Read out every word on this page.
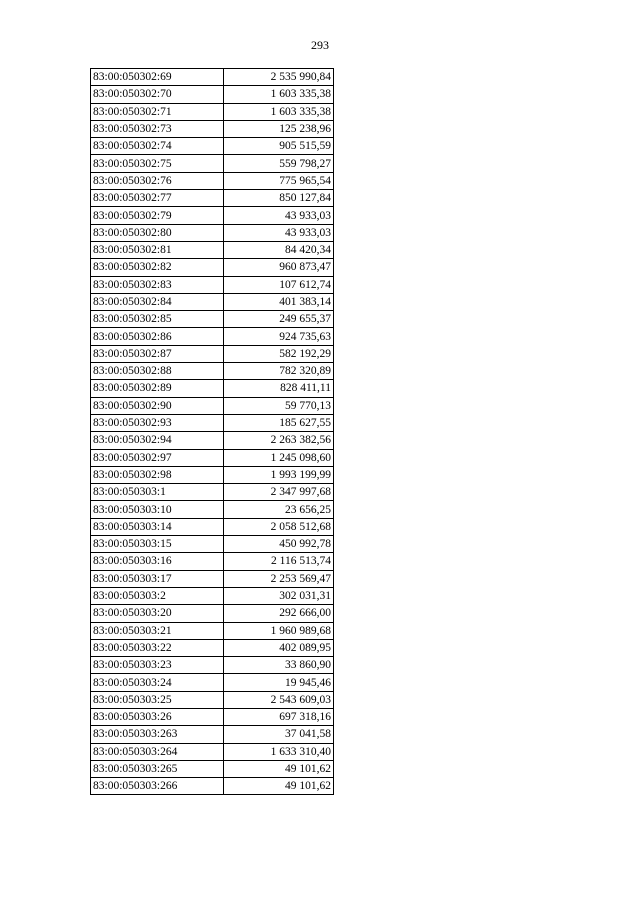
293
83:00:050302:69	2 535 990,84
83:00:050302:70	1 603 335,38
83:00:050302:71	1 603 335,38
83:00:050302:73	125 238,96
83:00:050302:74	905 515,59
83:00:050302:75	559 798,27
83:00:050302:76	775 965,54
83:00:050302:77	850 127,84
83:00:050302:79	43 933,03
83:00:050302:80	43 933,03
83:00:050302:81	84 420,34
83:00:050302:82	960 873,47
83:00:050302:83	107 612,74
83:00:050302:84	401 383,14
83:00:050302:85	249 655,37
83:00:050302:86	924 735,63
83:00:050302:87	582 192,29
83:00:050302:88	782 320,89
83:00:050302:89	828 411,11
83:00:050302:90	59 770,13
83:00:050302:93	185 627,55
83:00:050302:94	2 263 382,56
83:00:050302:97	1 245 098,60
83:00:050302:98	1 993 199,99
83:00:050303:1	2 347 997,68
83:00:050303:10	23 656,25
83:00:050303:14	2 058 512,68
83:00:050303:15	450 992,78
83:00:050303:16	2 116 513,74
83:00:050303:17	2 253 569,47
83:00:050303:2	302 031,31
83:00:050303:20	292 666,00
83:00:050303:21	1 960 989,68
83:00:050303:22	402 089,95
83:00:050303:23	33 860,90
83:00:050303:24	19 945,46
83:00:050303:25	2 543 609,03
83:00:050303:26	697 318,16
83:00:050303:263	37 041,58
83:00:050303:264	1 633 310,40
83:00:050303:265	49 101,62
83:00:050303:266	49 101,62
